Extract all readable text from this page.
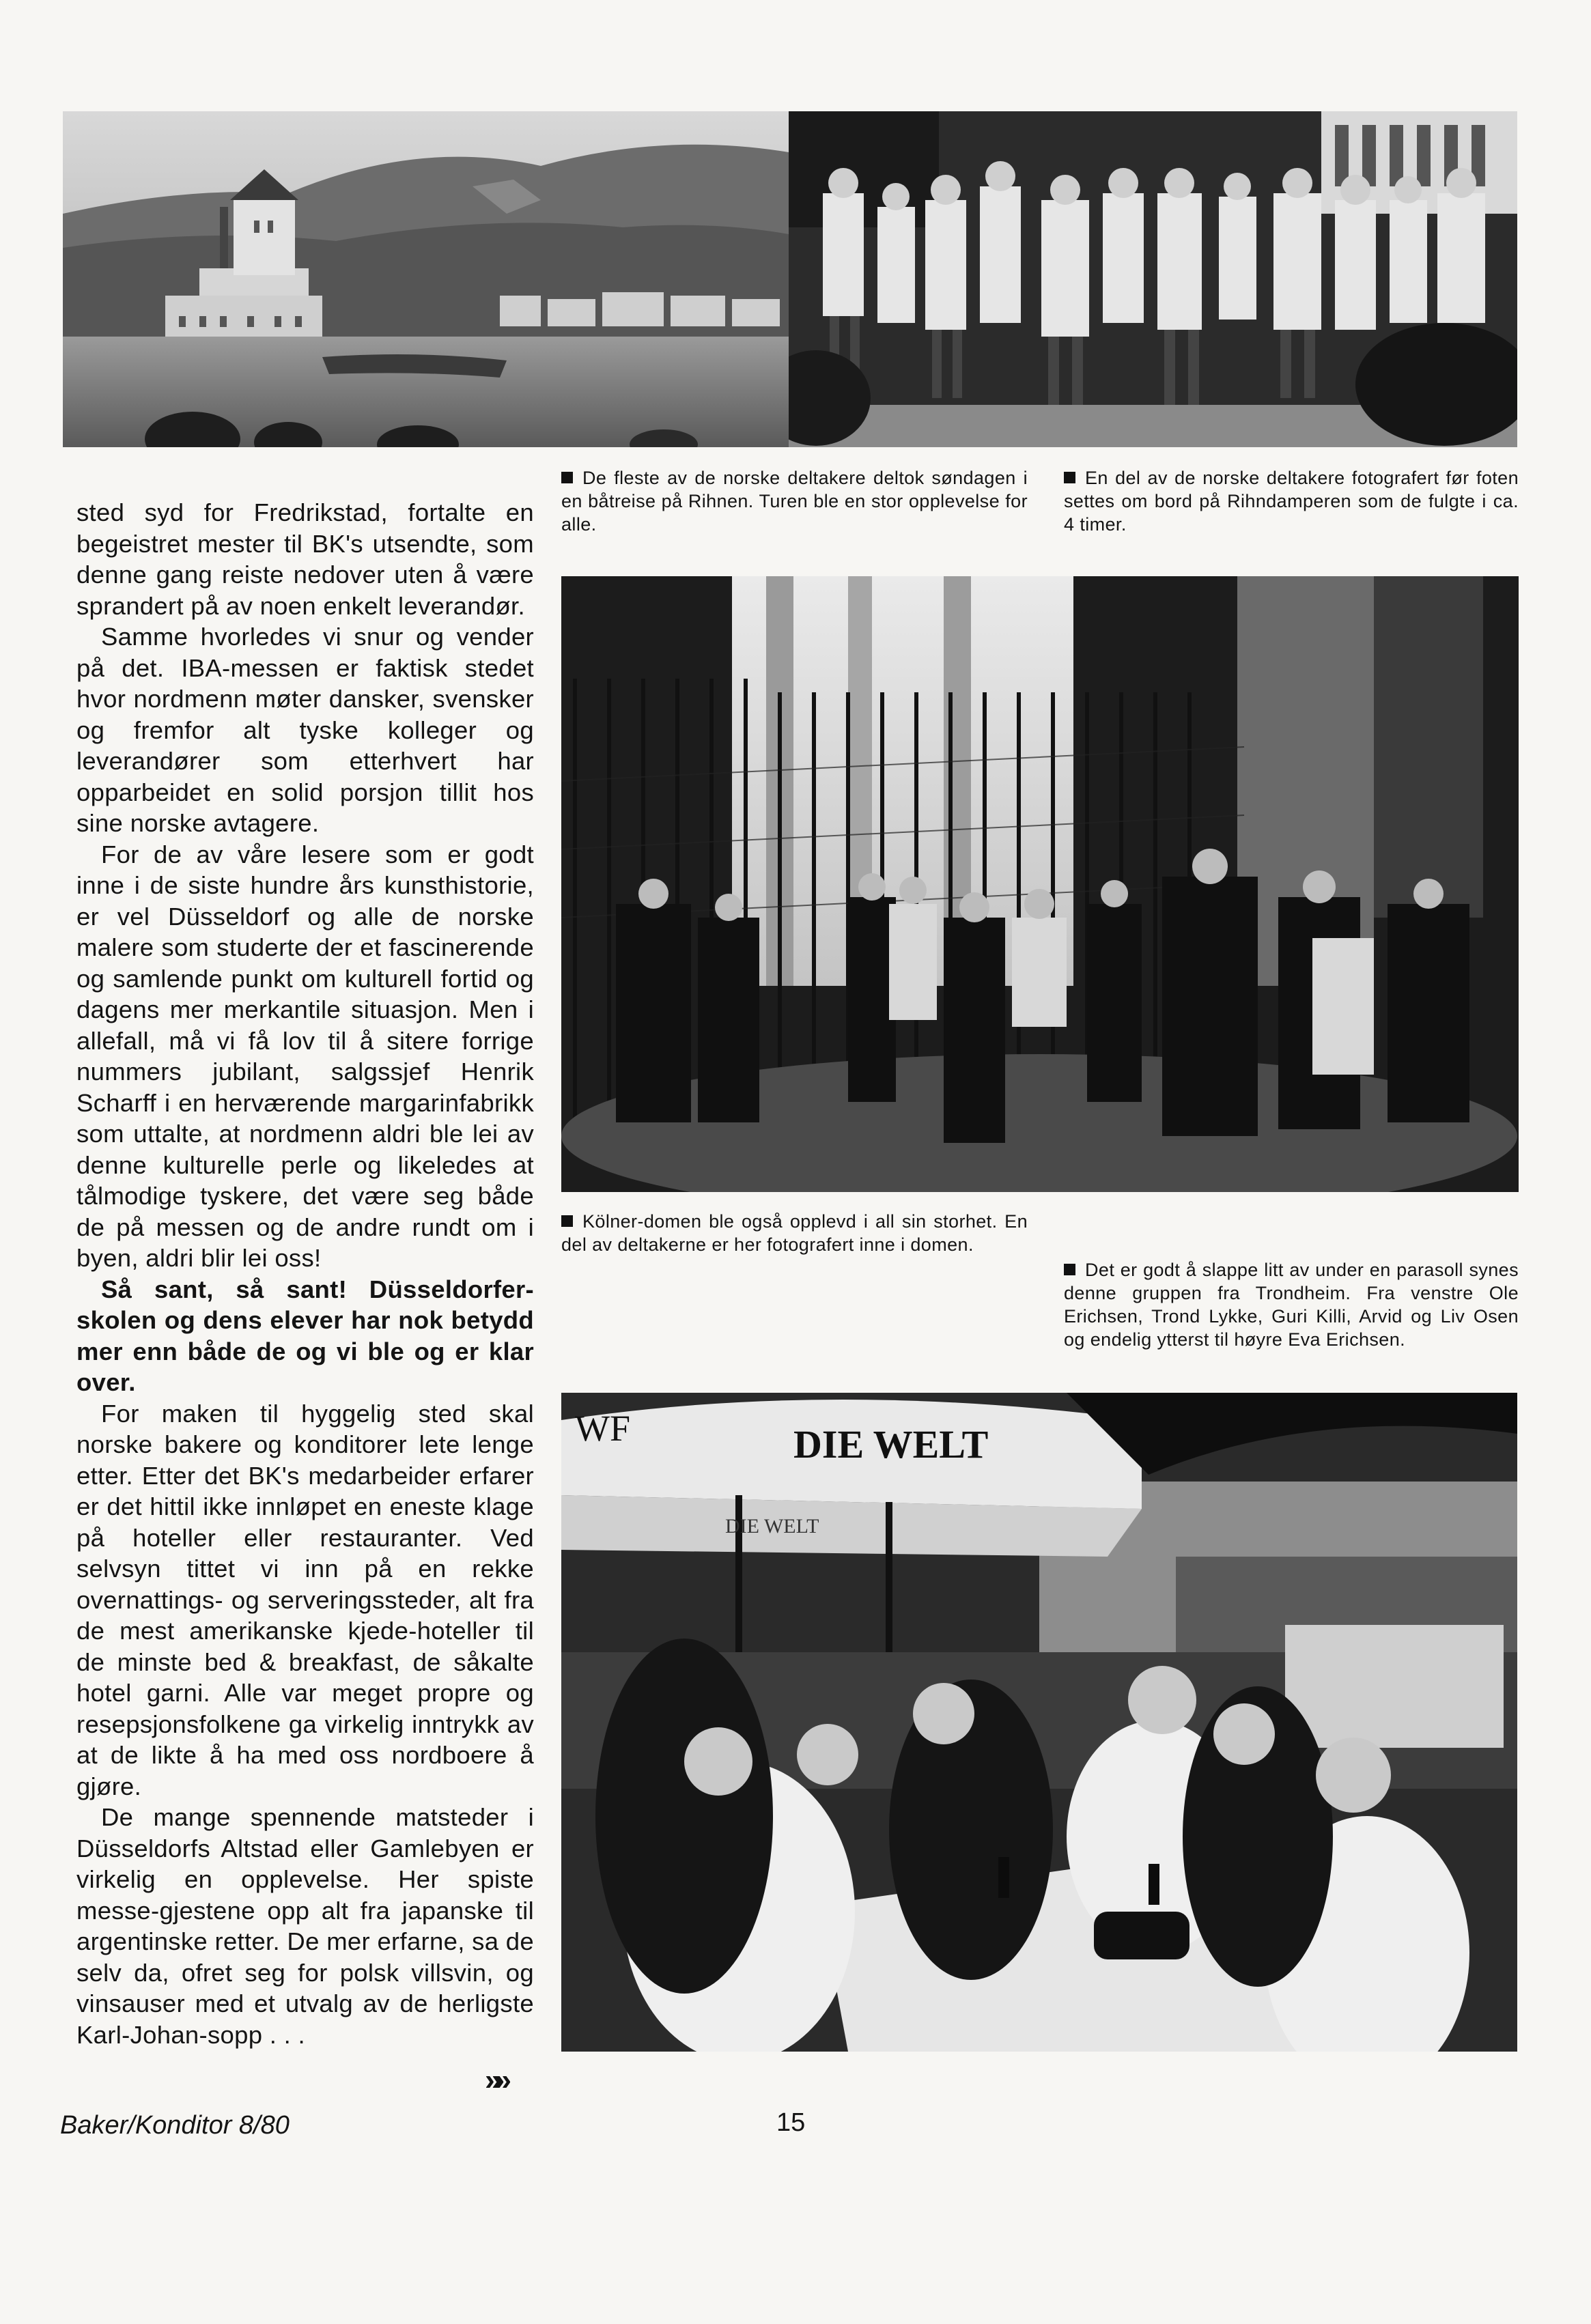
De fleste av de norske deltakere deltok søndagen i en båtreise på Rihnen. Turen ble en stor opplevelse for alle.
En del av de norske deltakere fotografert før foten settes om bord på Rihndamperen som de fulgte i ca. 4 timer.

sted syd for Fredrikstad, fortalte en begeistret mester til BK's utsendte, som denne gang reiste nedover uten å være sprandert på av noen enkelt leverandør.

Samme hvorledes vi snur og vender på det. IBA-messen er faktisk stedet hvor nordmenn møter dansker, svensker og fremfor alt tyske kolleger og leverandører som etterhvert har opparbeidet en solid porsjon tillit hos sine norske avtagere.

For de av våre lesere som er godt inne i de siste hundre års kunsthistorie, er vel Düsseldorf og alle de norske malere som studerte der et fascinerende og samlende punkt om kulturell fortid og dagens mer merkantile situasjon. Men i allefall, må vi få lov til å sitere forrige nummers jubilant, salgssjef Henrik Scharff i en herværende margarinfabrikk som uttalte, at nordmenn aldri ble lei av denne kulturelle perle og likeledes at tålmodige tyskere, det være seg både de på messen og de andre rundt om i byen, aldri blir lei oss!

Så sant, så sant! Düsseldorfer-skolen og dens elever har nok betydd mer enn både de og vi ble og er klar over.

For maken til hyggelig sted skal norske bakere og konditorer lete lenge etter. Etter det BK's medarbeider erfarer er det hittil ikke innløpet en eneste klage på hoteller eller restauranter. Ved selvsyn tittet vi inn på en rekke overnattings- og serveringssteder, alt fra de mest amerikanske kjede-hoteller til de minste bed & breakfast, de såkalte hotel garni. Alle var meget propre og resepsjonsfolkene ga virkelig inntrykk av at de likte å ha med oss nordboere å gjøre.

De mange spennende matsteder i Düsseldorfs Altstad eller Gamlebyen er virkelig en opplevelse. Her spiste messe-gjestene opp alt fra japanske til argentinske retter. De mer erfarne, sa de selv da, ofret seg for polsk villsvin, og vinsauser med et utvalg av de herligste Karl-Johan-sopp . . .

Kölner-domen ble også opplevd i all sin storhet. En del av deltakerne er her fotografert inne i domen.
Det er godt å slappe litt av under en parasoll synes denne gruppen fra Trondheim. Fra venstre Ole Erichsen, Trond Lykke, Guri Killi, Arvid og Liv Osen og endelig ytterst til høyre Eva Erichsen.
WF	DIE WELT
DIE WELT
»»
Baker/Konditor 8/80	15
